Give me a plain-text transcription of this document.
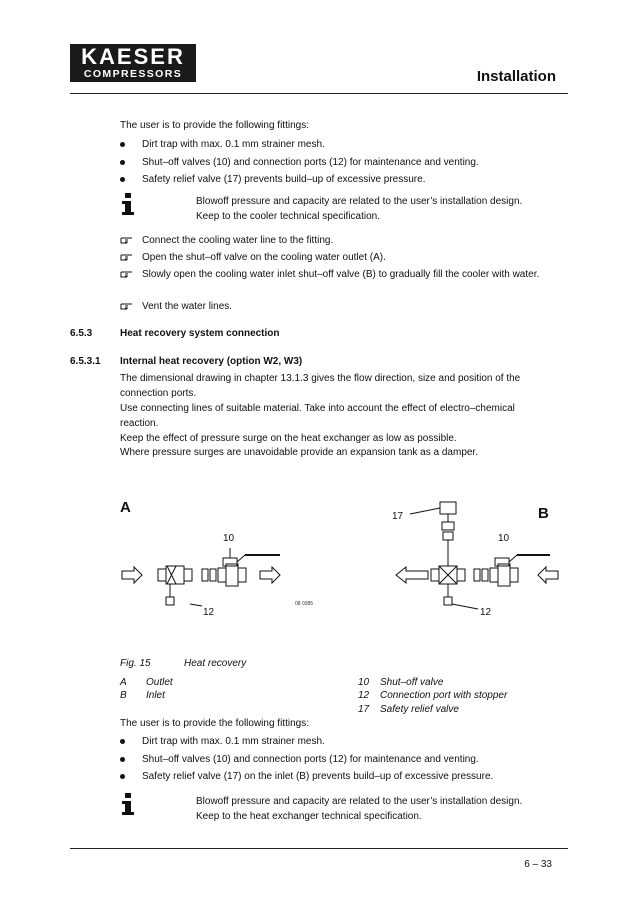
KAESER
COMPRESSORS	Installation

The user is to provide the following fittings:

Dirt trap with max. 0.1 mm strainer mesh.
Shut–off valves (10) and connection ports (12) for maintenance and venting.
Safety relief valve (17) prevents build–up of excessive pressure.

Blowoff pressure and capacity are related to the user’s installation design.

Keep to the cooler technical specification.

Connect the cooling water line to the fitting.
Open the shut–off valve on the cooling water outlet (A).
Slowly open the cooling water inlet shut–off valve (B) to gradually fill the cooler with water.
Vent the water lines.
6.5.3	Heat recovery system connection
6.5.3.1 Internal heat recovery (option W2, W3)

The dimensional drawing in chapter 13.1.3 gives the flow direction, size and position of the connection ports.

Use connecting lines of suitable material. Take into account the effect of electro–chemical reaction.

Keep the effect of pressure surge on the heat exchanger as low as possible.

Where pressure surges are unavoidable provide an expansion tank as a damper.

A	B
10
12
08 0385
17
10
12

Fig. 15	Heat recovery

A Outlet

B Inlet

10 Shut–off valve

12 Connection port with stopper

17 Safety relief valve

The user is to provide the following fittings:

Dirt trap with max. 0.1 mm strainer mesh.
Shut–off valves (10) and connection ports (12) for maintenance and venting.
Safety relief valve (17) on the inlet (B) prevents build–up of excessive pressure.

Blowoff pressure and capacity are related to the user’s installation design.

Keep to the heat exchanger technical specification.

6 – 33
